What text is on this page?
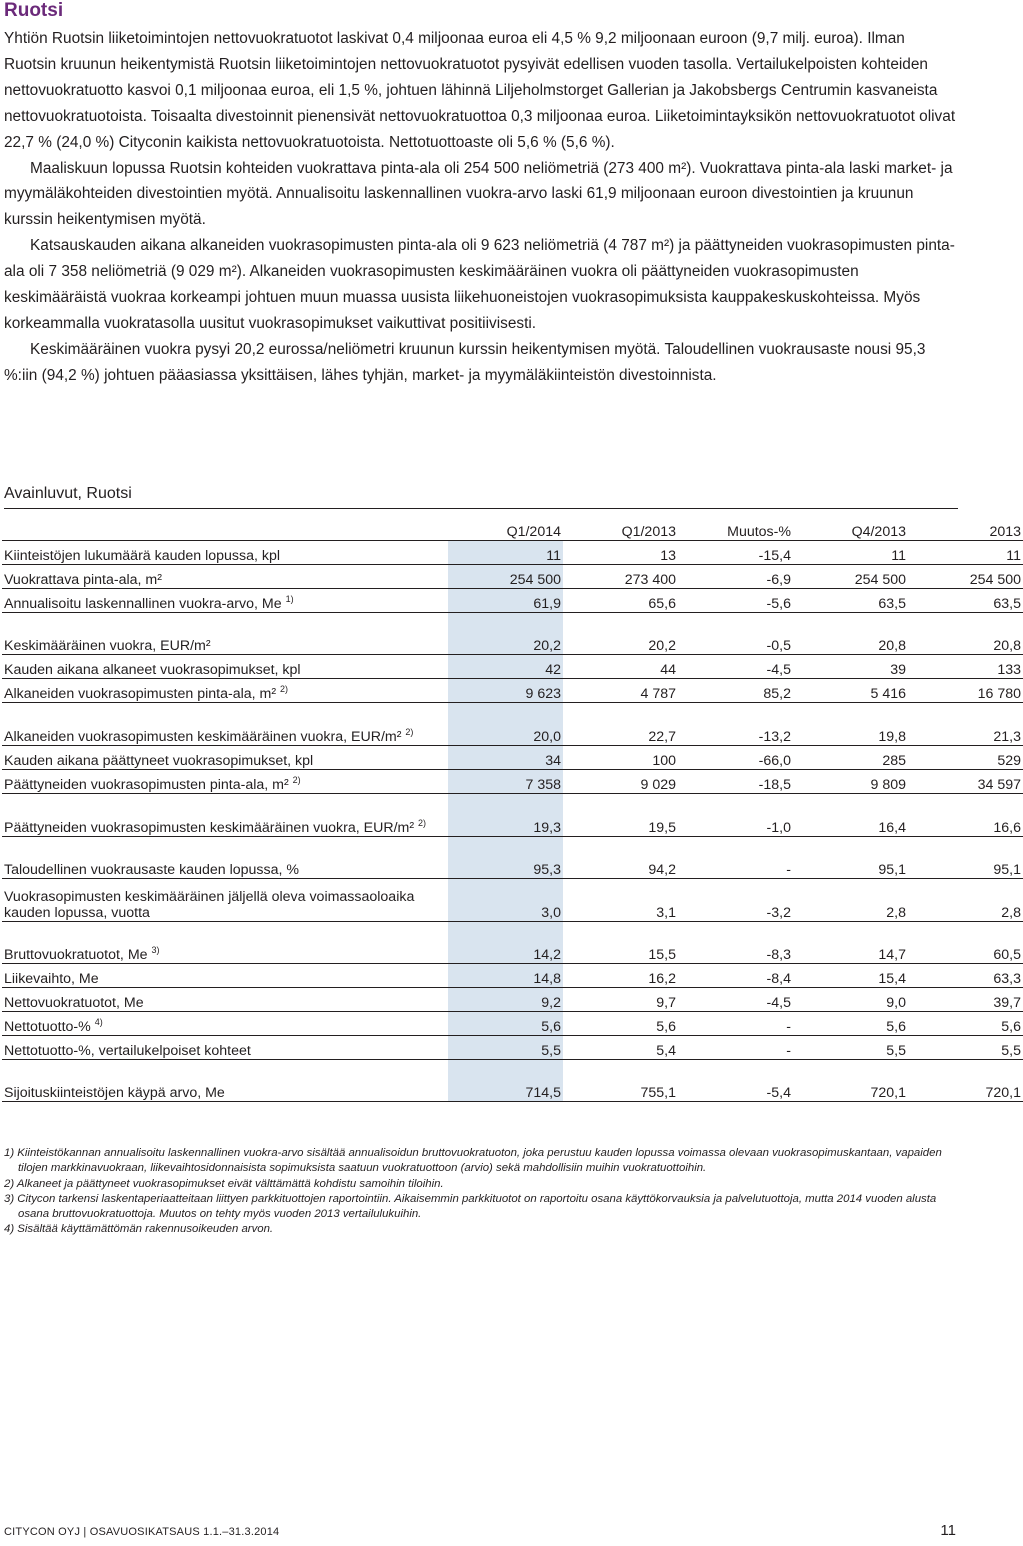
Ruotsi

Yhtiön Ruotsin liiketoimintojen nettovuokratuotot laskivat 0,4 miljoonaa euroa eli 4,5 % 9,2 miljoonaan euroon (9,7 milj. euroa). Ilman Ruotsin kruunun heikentymistä Ruotsin liiketoimintojen nettovuokratuotot pysyivät edellisen vuoden tasolla. Vertailukelpoisten kohteiden nettovuokratuotto kasvoi 0,1 miljoonaa euroa, eli 1,5 %, johtuen lähinnä Liljeholmstorget Gallerian ja Jakobsbergs Centrumin kasvaneista nettovuokratuotoista. Toisaalta divestoinnit pienensivät nettovuokratuottoa 0,3 miljoonaa euroa. Liiketoimintayksikön nettovuokratuotot olivat 22,7 % (24,0 %) Cityconin kaikista nettovuokratuotoista. Nettotuottoaste oli 5,6 % (5,6 %).

Maaliskuun lopussa Ruotsin kohteiden vuokrattava pinta-ala oli 254 500 neliömetriä (273 400 m²). Vuokrattava pinta-ala laski market- ja myymäläkohteiden divestointien myötä. Annualisoitu laskennallinen vuokra-arvo laski 61,9 miljoonaan euroon divestointien ja kruunun kurssin heikentymisen myötä.

Katsauskauden aikana alkaneiden vuokrasopimusten pinta-ala oli 9 623 neliömetriä (4 787 m²) ja päättyneiden vuokrasopimusten pinta-ala oli 7 358 neliömetriä (9 029 m²). Alkaneiden vuokrasopimusten keskimääräinen vuokra oli päättyneiden vuokrasopimusten keskimääräistä vuokraa korkeampi johtuen muun muassa uusista liikehuoneistojen vuokrasopimuksista kauppakeskuskohteissa. Myös korkeammalla vuokratasolla uusitut vuokrasopimukset vaikuttivat positiivisesti.

Keskimääräinen vuokra pysyi 20,2 eurossa/neliömetri kruunun kurssin heikentymisen myötä. Taloudellinen vuokrausaste nousi 95,3 %:iin (94,2 %) johtuen pääasiassa yksittäisen, lähes tyhjän, market- ja myymäläkiinteistön divestoinnista.

Avainluvut, Ruotsi
	Q1/2014	Q1/2013	Muutos-%	Q4/2013	2013
Kiinteistöjen lukumäärä kauden lopussa, kpl	11	13	-15,4	11	11
Vuokrattava pinta-ala, m²	254 500	273 400	-6,9	254 500	254 500
Annualisoitu laskennallinen vuokra-arvo, Me $^{1)}$	61,9	65,6	-5,6	63,5	63,5

Keskimääräinen vuokra, EUR/m²	20,2	20,2	-0,5	20,8	20,8
Kauden aikana alkaneet vuokrasopimukset, kpl	42	44	-4,5	39	133
Alkaneiden vuokrasopimusten pinta-ala, m² $^{2)}$	9 623	4 787	85,2	5 416	16 780
Alkaneiden vuokrasopimusten keskimääräinen vuokra, EUR/m² $^{2)}$	20,0	22,7	-13,2	19,8	21,3
Kauden aikana päättyneet vuokrasopimukset, kpl	34	100	-66,0	285	529
Päättyneiden vuokrasopimusten pinta-ala, m² $^{2)}$	7 358	9 029	-18,5	9 809	34 597
Päättyneiden vuokrasopimusten keskimääräinen vuokra, EUR/m² $^{2)}$	19,3	19,5	-1,0	16,4	16,6

Taloudellinen vuokrausaste kauden lopussa, %	95,3	94,2	-	95,1	95,1
Vuokrasopimusten keskimääräinen jäljellä oleva voimassaoloaika kauden lopussa, vuotta	3,0	3,1	-3,2	2,8	2,8

Bruttovuokratuotot, Me $^{3)}$	14,2	15,5	-8,3	14,7	60,5
Liikevaihto, Me	14,8	16,2	-8,4	15,4	63,3
Nettovuokratuotot, Me	9,2	9,7	-4,5	9,0	39,7
Nettotuotto-% $^{4)}$	5,6	5,6	-	5,6	5,6
Nettotuotto-%, vertailukelpoiset kohteet	5,5	5,4	-	5,5	5,5

Sijoituskiinteistöjen käypä arvo, Me	714,5	755,1	-5,4	720,1	720,1

1) Kiinteistökannan annualisoitu laskennallinen vuokra-arvo sisältää annualisoidun bruttovuokratuoton, joka perustuu kauden lopussa voimassa olevaan vuokrasopimuskantaan, vapaiden tilojen markkinavuokraan, liikevaihtosidonnaisista sopimuksista saatuun vuokratuottoon (arvio) sekä mahdollisiin muihin vuokratuottoihin.

2) Alkaneet ja päättyneet vuokrasopimukset eivät välttämättä kohdistu samoihin tiloihin.

3) Citycon tarkensi laskentaperiaatteitaan liittyen parkkituottojen raportointiin. Aikaisemmin parkkituotot on raportoitu osana käyttökorvauksia ja palvelutuottoja, mutta 2014 vuoden alusta osana bruttovuokratuottoja. Muutos on tehty myös vuoden 2013 vertailulukuihin.

4) Sisältää käyttämättömän rakennusoikeuden arvon.

CITYCON OYJ | OSAVUOSIKATSAUS 1.1.–31.3.2014	11
